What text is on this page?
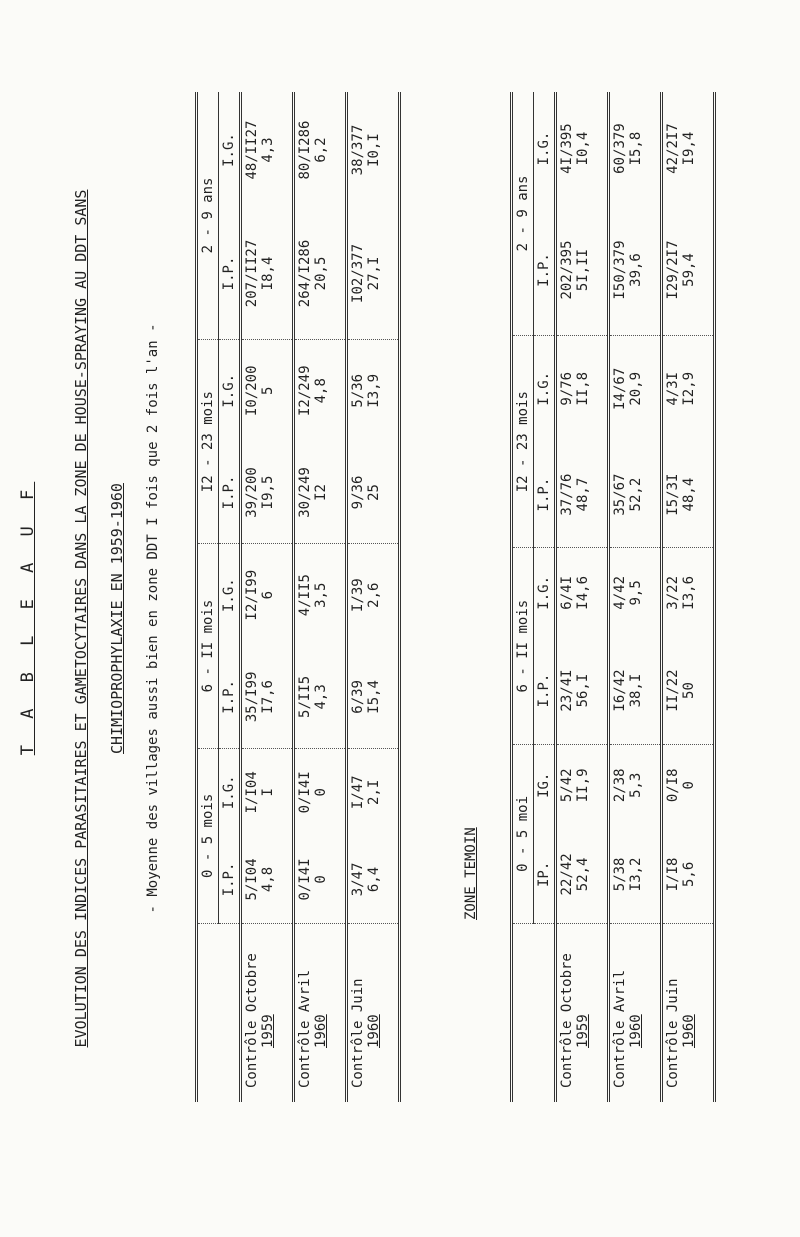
T A B L E A U F EVOLUTION DES INDICES PARASITAIRES ET GAMETOCYTAIRES DANS LA ZONE DE HOUSE-SPRAYING AU DDT SANS CHIMIOPROPHYLAXIE EN 1959-1960 - Moyenne des villages aussi bien en zone DDT I fois que 2 fois l'an -
		0 - 5 mois		6 - II mois		I2 - 23 mois		2 - 9 ans	
	I.P.	I.G.	I.P.	I.G.	I.P.	I.G.	I.P.	I.G.
Contrôle Octobre
1959	5/I04 4,8	I/I04 I	35/I99 I7,6	I2/I99 6	39/200 I9,5	I0/200 5	207/II27 I8,4	48/II27 4,3

Contrôle Avril
1960	0/I4I 0	0/I4I 0	5/II5 4,3	4/II5 3,5	30/249 I2	I2/249 4,8	264/I286 20,5	80/I286 6,2

Contrôle Juin
1960	3/47 6,4	I/47 2,I	6/39 I5,4	I/39 2,6	9/36 25	5/36 I3,9	I02/377 27,I	38/377 I0,I
ZONE TEMOIN
		0 - 5 moi		6 - II mois		I2 - 23 mois		2 - 9 ans	
	IP.	IG.	I.P.	I.G.	I.P.	I.G.	I.P.	I.G.
Contrôle Octobre
1959	22/42 52,4	5/42 II,9	23/4I 56,I	6/4I I4,6	37/76 48,7	9/76 II,8	202/395 5I,II	4I/395 I0,4

Contrôle Avril
1960	5/38 I3,2	2/38 5,3	I6/42 38,I	4/42 9,5	35/67 52,2	I4/67 20,9	I50/379 39,6	60/379 I5,8

Contrôle Juin
1960	I/I8 5,6	0/I8 0	II/22 50	3/22 I3,6	I5/3I 48,4	4/3I I2,9	I29/2I7 59,4	42/2I7 I9,4
